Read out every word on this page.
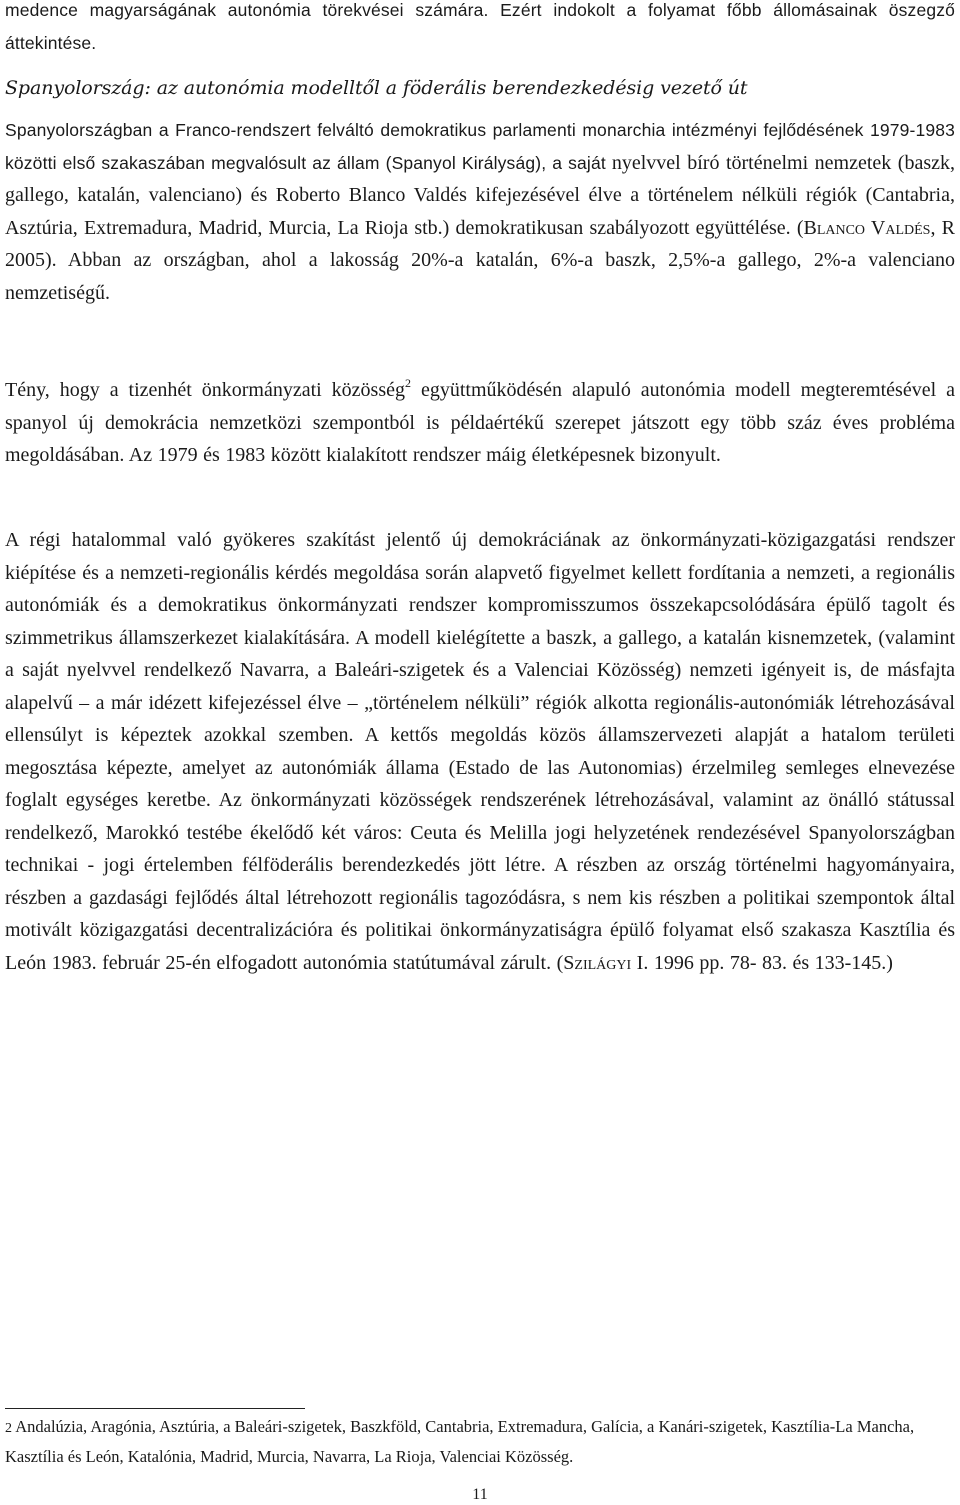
medence magyarságának autonómia törekvései számára. Ezért indokolt a folyamat főbb állomásainak öszegző áttekintése.

Spanyolország: az autonómia modelltől a föderális berendezkedésig vezető út

Spanyolországban a Franco-rendszert felváltó demokratikus parlamenti monarchia intézményi fejlődésének 1979-1983 közötti első szakaszában megvalósult az állam (Spanyol Királyság), a saját nyelvvel bíró történelmi nemzetek (baszk, gallego, katalán, valenciano) és Roberto Blanco Valdés kifejezésével élve a történelem nélküli régiók (Cantabria, Asztúria, Extremadura, Madrid, Murcia, La Rioja stb.) demokratikusan szabályozott együttélése. (Blanco Valdés, R 2005). Abban az országban, ahol a lakosság 20%-a katalán, 6%-a baszk, 2,5%-a gallego, 2%-a valenciano nemzetiségű.

Tény, hogy a tizenhét önkormányzati közösség$^2$ együttműködésén alapuló autonómia modell megteremtésével a spanyol új demokrácia nemzetközi szempontból is példaértékű szerepet játszott egy több száz éves probléma megoldásában. Az 1979 és 1983 között kialakított rendszer máig életképesnek bizonyult.

A régi hatalommal való gyökeres szakítást jelentő új demokráciának az önkormányzati-közigazgatási rendszer kiépítése és a nemzeti-regionális kérdés megoldása során alapvető figyelmet kellett fordítania a nemzeti, a regionális autonómiák és a demokratikus önkormányzati rendszer kompromisszumos összekapcsolódására épülő tagolt és szimmetrikus államszerkezet kialakítására. A modell kielégítette a baszk, a gallego, a katalán kisnemzetek, (valamint a saját nyelvvel rendelkező Navarra, a Baleári-szigetek és a Valenciai Közösség) nemzeti igényeit is, de másfajta alapelvű – a már idézett kifejezéssel élve – „történelem nélküli” régiók alkotta regionális-autonómiák létrehozásával ellensúlyt is képeztek azokkal szemben. A kettős megoldás közös államszervezeti alapját a hatalom területi megosztása képezte, amelyet az autonómiák állama (Estado de las Autonomias) érzelmileg semleges elnevezése foglalt egységes keretbe. Az önkormányzati közösségek rendszerének létrehozásával, valamint az önálló státussal rendelkező, Marokkó testébe ékelődő két város: Ceuta és Melilla jogi helyzetének rendezésével Spanyolországban technikai - jogi értelemben félföderális berendezkedés jött létre. A részben az ország történelmi hagyományaira, részben a gazdasági fejlődés által létrehozott regionális tagozódásra, s nem kis részben a politikai szempontok által motivált közigazgatási decentralizációra és politikai önkormányzatiságra épülő folyamat első szakasza Kasztília és León 1983. február 25-én elfogadott autonómia statútumával zárult. (Szilágyi I. 1996 pp. 78- 83. és 133-145.)

2 Andalúzia, Aragónia, Asztúria, a Baleári-szigetek, Baszkföld, Cantabria, Extremadura, Galícia, a Kanári-szigetek, Kasztília-La Mancha, Kasztília és León, Katalónia, Madrid, Murcia, Navarra, La Rioja, Valenciai Közösség.

11
